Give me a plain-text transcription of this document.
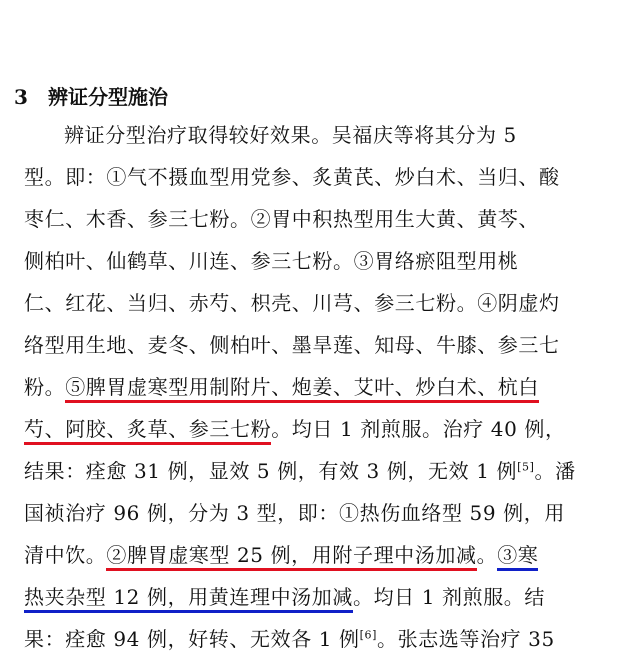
3 辨证分型施治
辨证分型治疗取得较好效果。吴福庆等将其分为 5
型。即：①气不摄血型用党参、炙黄芪、炒白术、当归、酸
枣仁、木香、参三七粉。②胃中积热型用生大黄、黄芩、
侧柏叶、仙鹤草、川连、参三七粉。③胃络瘀阻型用桃
仁、红花、当归、赤芍、枳壳、川芎、参三七粉。④阴虚灼
络型用生地、麦冬、侧柏叶、墨旱莲、知母、牛膝、参三七
粉。⑤脾胃虚寒型用制附片、炮姜、艾叶、炒白术、杭白
芍、阿胶、炙草、参三七粉。均日 1 剂煎服。治疗 40 例，
结果：痊愈 31 例，显效 5 例，有效 3 例，无效 1 例[5]。潘
国祯治疗 96 例，分为 3 型，即：①热伤血络型 59 例，用
清中饮。②脾胃虚寒型 25 例，用附子理中汤加减。③寒
热夹杂型 12 例，用黄连理中汤加减。均日 1 剂煎服。结
果：痊愈 94 例，好转、无效各 1 例[6]。张志选等治疗 35
